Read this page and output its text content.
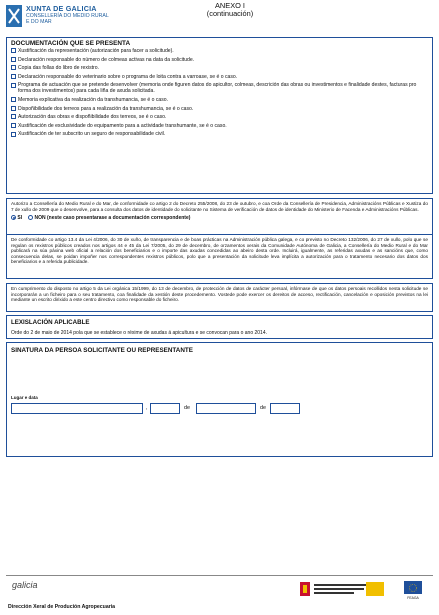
XUNTA DE GALICIA
CONSELLERÍA DO MEDIO RURAL
E DO MAR
ANEXO I
(continuación)
DOCUMENTACIÓN QUE SE PRESENTA
Xustificación da representación (autorización para facer a solicitude).
Declaración responsable do número de colmeas activas na data da solicitude.
Copia das follas do libro de rexistro.
Declaración responsable do veterinario sobre o programa de loita contra a varroase, se é o caso.
Programa de actuación que se pretende desenvolver (memoria onde figuren datos do apicultor, colmeas, descrición das obras ou investimentos e finalidade destes, facturas pro forma dos investimentos) para cada liña de axuda solicitada.
Memoria explicativa da realización da transhumancia, se é o caso.
Dispoñibilidade dos terreos para a realización da transhumancia, se é o caso.
Autorización das obras e dispoñibilidade dos terreos, se é o caso.
Xustificación de exclusividade do equipamento para a actividade transhumante, se é o caso.
Xustificación de ter subscrito un seguro de responsabilidade civil.
Autorizo a Consellería do Medio Rural e do Mar, de conformidade co artigo 2 do Decreto 255/2008, do 23 de outubro, e coa Orde da Consellería de Presidencia, Administracións Públicas e Xustiza do 7 de xullo de 2009 que o desenvolve, para a consulta dos datos de identidade do solicitante no Sistema de verificación de datos de identidade do Ministerio de Facenda e Administracións Públicas.
SI	NON (neste caso presentarase a documentación correspondente)
De conformidade co artigo 13.4 da Lei 4/2006, do 30 de xuño, de transparencia e de boas prácticas na Administración pública galega, e co previsto no Decreto 132/2006, do 27 de xullo, polo que se regulan os rexistros públicos creados nos artigos 44 e 45 da Lei 7/2005, do 29 de decembro, de orzamentos xerais da Comunidade Autónoma de Galicia, a Consellería do Medio Rural e do Mar publicará na súa páxina web oficial a relación dos beneficiarios e o importe das axudas concedidas ao abeiro desta orde. Incluirá, igualmente, as referidas axudas e as sancións que, como consecuencia delas, se poidan impoñer nos correspondentes rexistros públicos, polo que a presentación da solicitude leva implícita a autorización para o tratamento necesario dos datos dos beneficiarios e a referida publicidade.
En cumprimento do disposto no artigo 5 da Lei orgánica 15/1999, do 13 de decembro, de protección de datos de carácter persoal, infórmase de que os datos persoais recollidos nesta solicitude se incorporarán a un ficheiro para o seu tratamento, coa finalidade da xestión deste procedemento. Vostede pode exercer os dereitos de acceso, rectificación, cancelación e oposición previstos na lei mediante un escrito dirixido a este centro directivo como responsable do ficheiro.
LEXISLACIÓN APLICABLE
Orde do 2 de maio de 2014 pola que se establece o réxime de axudas á apicultura e se convocan para o ano 2014.
SINATURA DA PERSOA SOLICITANTE OU REPRESENTANTE
Lugar e data
,	de	de
galicia
FEAGA
Dirección Xeral de Produción Agropecuaria
